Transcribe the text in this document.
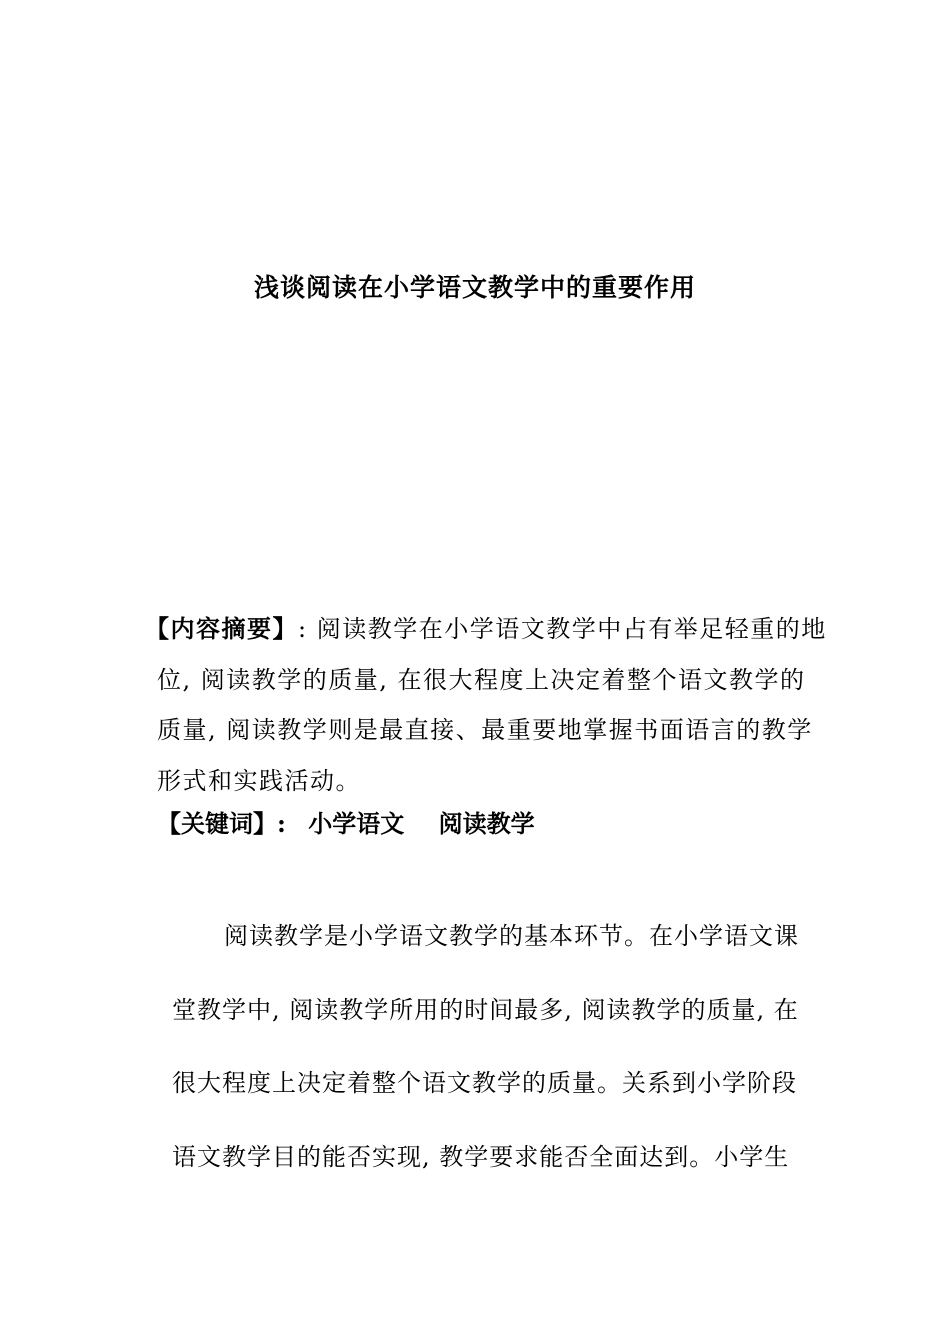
浅谈阅读在小学语文教学中的重要作用
【内容摘要】: 阅读教学在小学语文教学中占有举足轻重的地
位, 阅读教学的质量, 在很大程度上决定着整个语文教学的
质量, 阅读教学则是最直接、最重要地掌握书面语言的教学
形式和实践活动。
【关键词】: 小学语文 阅读教学
阅读教学是小学语文教学的基本环节。在小学语文课
堂教学中, 阅读教学所用的时间最多, 阅读教学的质量, 在
很大程度上决定着整个语文教学的质量。关系到小学阶段
语文教学目的能否实现, 教学要求能否全面达到。小学生
